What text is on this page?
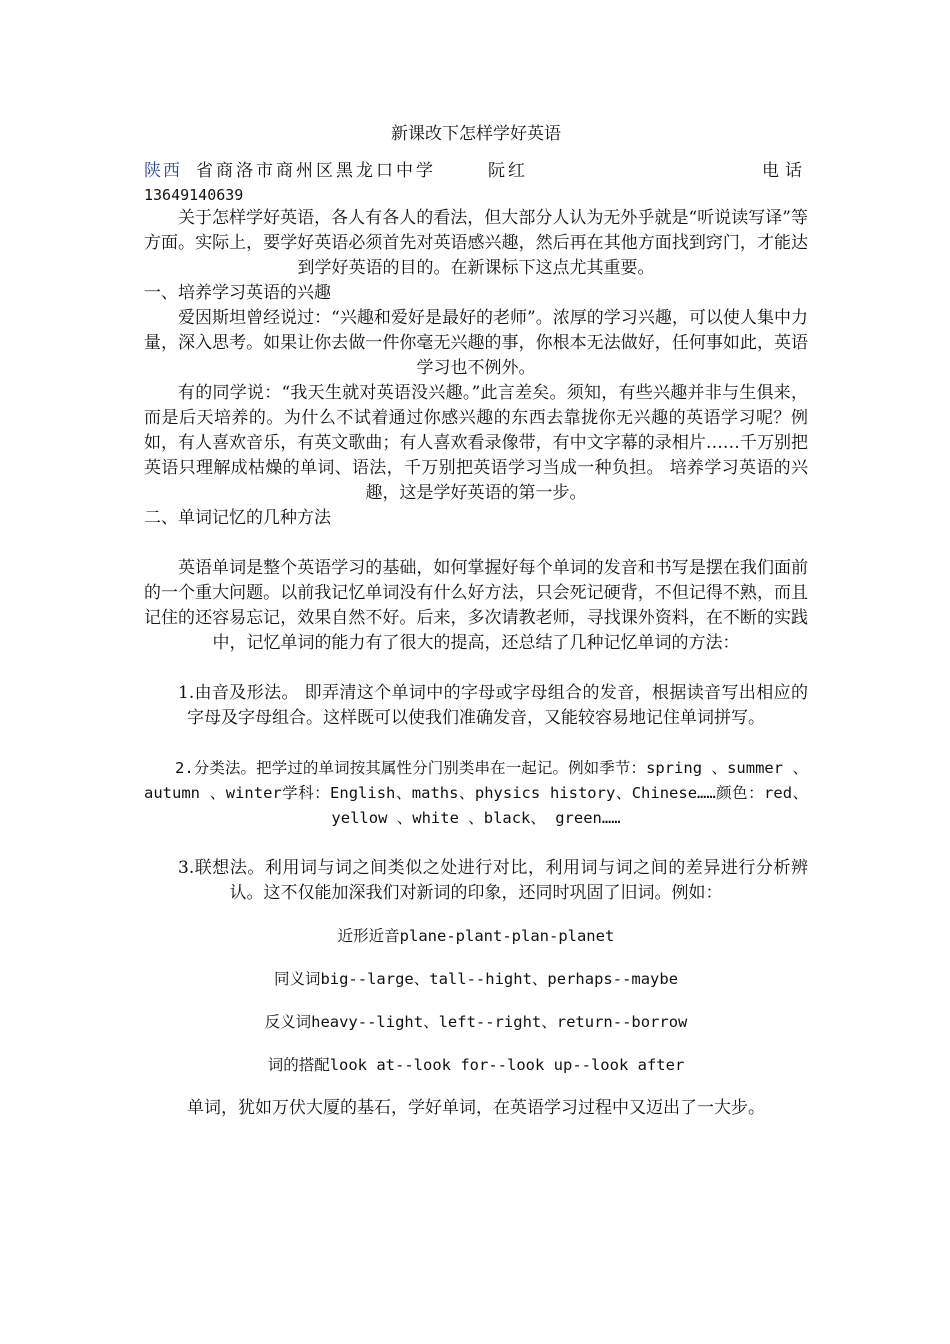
新课改下怎样学好英语
陕西 省商洛市商州区黑龙口中学	阮红	电话
13649140639

关于怎样学好英语，各人有各人的看法，但大部分人认为无外乎就是“听说读写译”等方面。实际上，要学好英语必须首先对英语感兴趣，然后再在其他方面找到窍门，才能达到学好英语的目的。在新课标下这点尤其重要。

一、培养学习英语的兴趣

爱因斯坦曾经说过：“兴趣和爱好是最好的老师”。浓厚的学习兴趣，可以使人集中力量，深入思考。如果让你去做一件你毫无兴趣的事，你根本无法做好，任何事如此，英语学习也不例外。

有的同学说：“我天生就对英语没兴趣。”此言差矣。须知，有些兴趣并非与生俱来，而是后天培养的。为什么不试着通过你感兴趣的东西去靠拢你无兴趣的英语学习呢？例如，有人喜欢音乐，有英文歌曲；有人喜欢看录像带，有中文字幕的录相片……千万别把英语只理解成枯燥的单词、语法，千万别把英语学习当成一种负担。 培养学习英语的兴趣，这是学好英语的第一步。

二、单词记忆的几种方法

英语单词是整个英语学习的基础，如何掌握好每个单词的发音和书写是摆在我们面前的一个重大问题。以前我记忆单词没有什么好方法，只会死记硬背，不但记得不熟，而且记住的还容易忘记，效果自然不好。后来，多次请教老师，寻找课外资料，在不断的实践中，记忆单词的能力有了很大的提高，还总结了几种记忆单词的方法：

1.由音及形法。 即弄清这个单词中的字母或字母组合的发音，根据读音写出相应的字母及字母组合。这样既可以使我们准确发音，又能较容易地记住单词拼写。

2.分类法。把学过的单词按其属性分门别类串在一起记。例如季节：spring 、summer 、autumn 、winter学科：English、maths、physics history、Chinese……颜色：red、yellow 、white 、black、 green……

3.联想法。利用词与词之间类似之处进行对比，利用词与词之间的差异进行分析辨认。这不仅能加深我们对新词的印象，还同时巩固了旧词。例如：

近形近音plane-plant-plan-planet

同义词big--large、tall--hight、perhaps--maybe

反义词heavy--light、left--right、return--borrow

词的搭配look at--look for--look up--look after

单词，犹如万伏大厦的基石，学好单词，在英语学习过程中又迈出了一大步。
